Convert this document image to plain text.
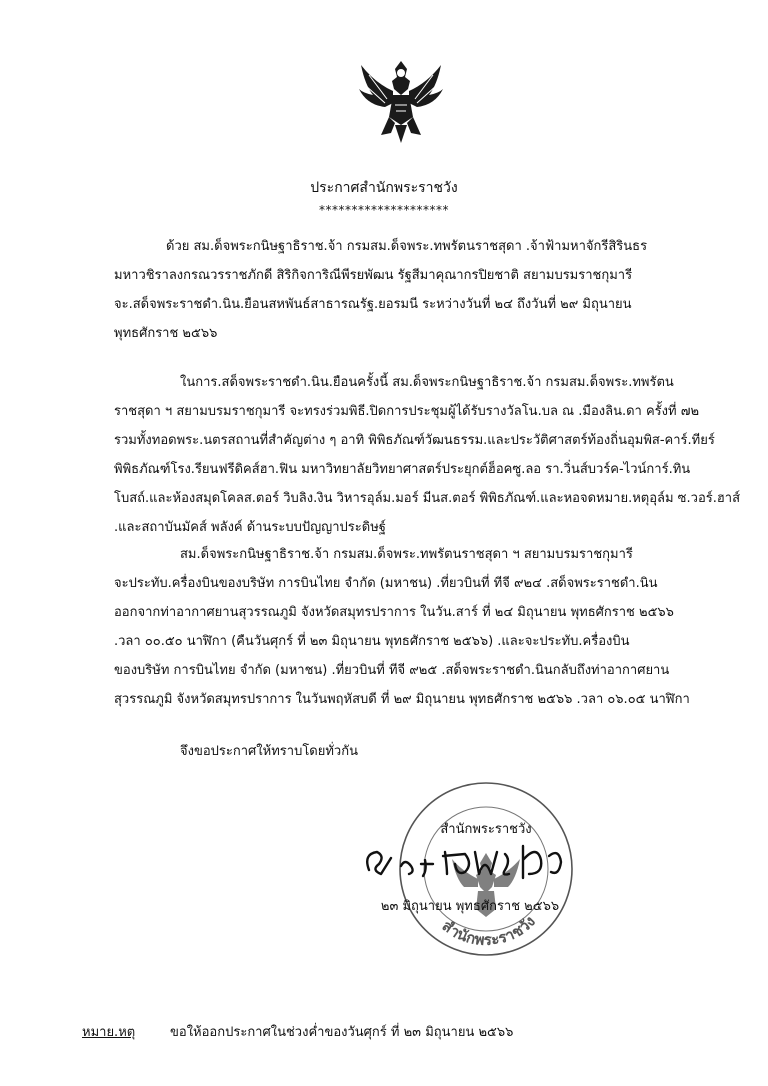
ประกาศสำนักพระราชวัง
********************
ด้วย สม.ด็จพระกนิษฐาธิราช.จ้า กรมสม.ด็จพระ.ทพรัตนราชสุดา .จ้าฟ้ามหาจักรีสิรินธร
มหาวชิราลงกรณวรราชภักดี สิริกิจการิณีพีรยพัฒน รัฐสีมาคุณากรปิยชาติ สยามบรมราชกุมารี
จะ.สด็จพระราชดำ.นิน.ยือนสหพันธ์สาธารณรัฐ.ยอรมนี ระหว่างวันที่ ๒๔ ถึงวันที่ ๒๙ มิถุนายน
พุทธศักราช ๒๕๖๖
ในการ.สด็จพระราชดำ.นิน.ยือนครั้งนี้ สม.ด็จพระกนิษฐาธิราช.จ้า กรมสม.ด็จพระ.ทพรัตน
ราชสุดา ฯ สยามบรมราชกุมารี จะทรงร่วมพิธี.ปิดการประชุมผู้ได้รับรางวัลโน.บล ณ .มืองลิน.ดา ครั้งที่ ๗๒
รวมทั้งทอดพระ.นตรสถานที่สำคัญต่าง ๆ อาทิ พิพิธภัณฑ์วัฒนธรรม.และประวัติศาสตร์ท้องถิ่นอุมพิส-คาร์.ทียร์
พิพิธภัณฑ์โรง.รียนฟรีดิคส์ฮา.ฟิน มหาวิทยาลัยวิทยาศาสตร์ประยุกต์ฮ็อคซู.ลอ รา.วิ่นส์บวร์ค-ไวน์การ์.ทิน
โบสถ์.และห้องสมุดโคลส.ตอร์ วิบลิง.งิน วิหารอุล์ม.มอร์ มีนส.ตอร์ พิพิธภัณฑ์.และหอจดหมาย.หตุอุล์ม ซ.วอร์.ฮาส์
.และสถาบันมัคส์ พลังค์ ด้านระบบปัญญาประดิษฐ์
สม.ด็จพระกนิษฐาธิราช.จ้า กรมสม.ด็จพระ.ทพรัตนราชสุดา ฯ สยามบรมราชกุมารี
จะประทับ.ครื่องบินของบริษัท การบินไทย จำกัด (มหาชน) .ที่ยวบินที่ ทีจี ๙๒๔ .สด็จพระราชดำ.นิน
ออกจากท่าอากาศยานสุวรรณภูมิ จังหวัดสมุทรปราการ ในวัน.สาร์ ที่ ๒๔ มิถุนายน พุทธศักราช ๒๕๖๖
.วลา ๐๐.๕๐ นาฬิกา (คืนวันศุกร์ ที่ ๒๓ มิถุนายน พุทธศักราช ๒๕๖๖) .และจะประทับ.ครื่องบิน
ของบริษัท การบินไทย จำกัด (มหาชน) .ที่ยวบินที่ ทีจี ๙๒๕ .สด็จพระราชดำ.นินกลับถึงท่าอากาศยาน
สุวรรณภูมิ จังหวัดสมุทรปราการ ในวันพฤหัสบดี ที่ ๒๙ มิถุนายน พุทธศักราช ๒๕๖๖ .วลา ๐๖.๐๕ นาฬิกา
จึงขอประกาศให้ทราบโดยทั่วกัน
สำนักพระราชวัง
สำนักพระราชวัง
๒๓ มิถุนายน พุทธศักราช ๒๕๖๖
หมาย.หตุ	ขอให้ออกประกาศในช่วงค่ำของวันศุกร์ ที่ ๒๓ มิถุนายน ๒๕๖๖
